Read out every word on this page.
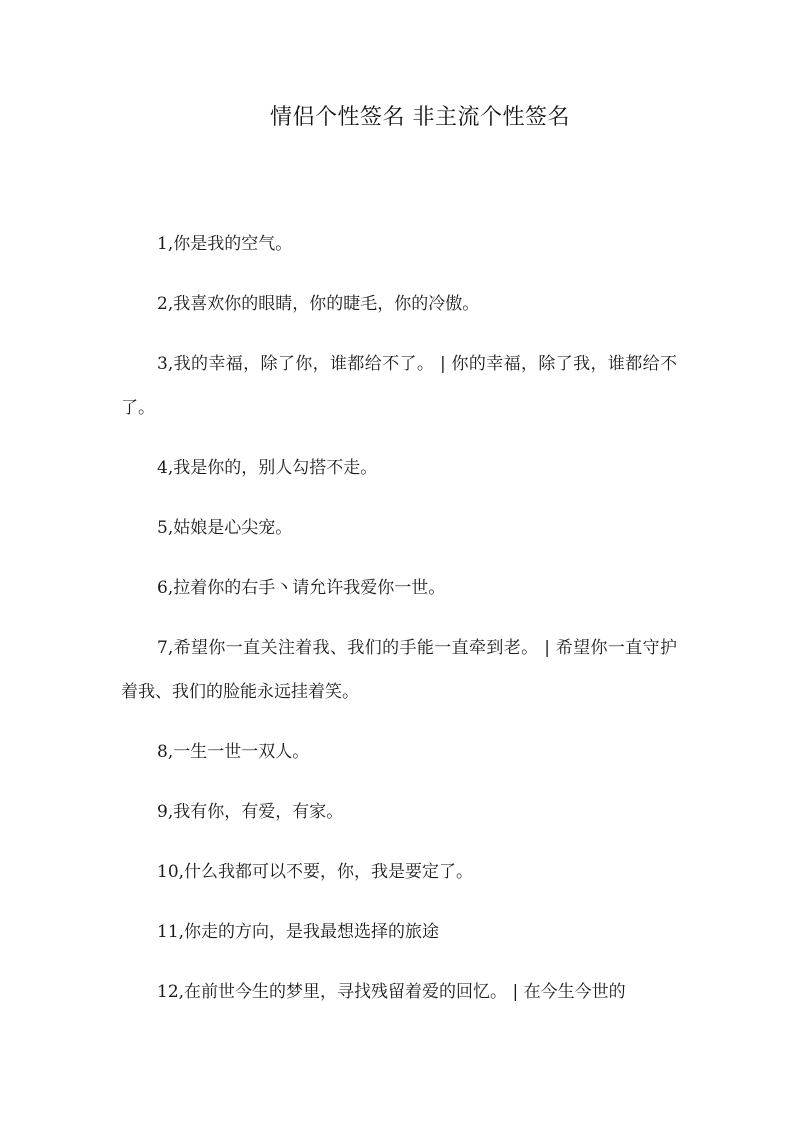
情侣个性签名 非主流个性签名

1,你是我的空气。

2,我喜欢你的眼睛，你的睫毛，你的冷傲。

3,我的幸福，除了你，谁都给不了。 | 你的幸福，除了我，谁都给不了。

4,我是你的，别人勾搭不走。

5,姑娘是心尖宠。

6,拉着你的右手丶请允许我爱你一世。

7,希望你一直关注着我、我们的手能一直牵到老。 | 希望你一直守护着我、我们的脸能永远挂着笑。

8,一生一世一双人。

9,我有你，有爱，有家。

10,什么我都可以不要，你，我是要定了。

11,你走的方向，是我最想选择的旅途

12,在前世今生的梦里，寻找残留着爱的回忆。 | 在今生今世的
